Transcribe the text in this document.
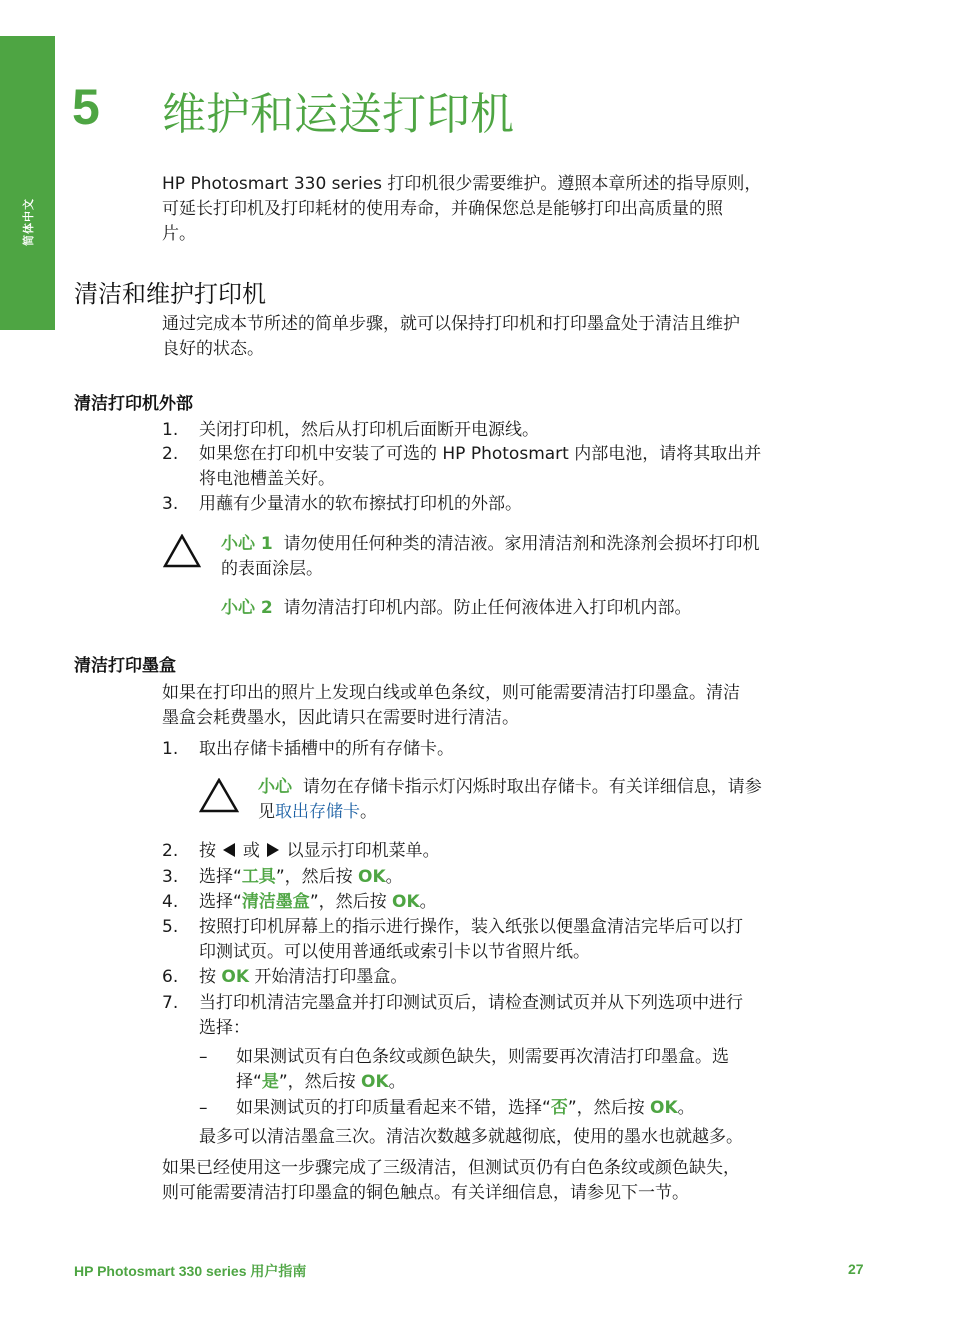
简体中文
5 维护和运送打印机
HP Photosmart 330 series 打印机很少需要维护。遵照本章所述的指导原则，
可延长打印机及打印耗材的使用寿命，并确保您总是能够打印出高质量的照
片。
清洁和维护打印机
通过完成本节所述的简单步骤，就可以保持打印机和打印墨盒处于清洁且维护
良好的状态。
清洁打印机外部
1. 关闭打印机，然后从打印机后面断开电源线。
2. 如果您在打印机中安装了可选的 HP Photosmart 内部电池，请将其取出并
将电池槽盖关好。
3. 用蘸有少量清水的软布擦拭打印机的外部。
小心 1 请勿使用任何种类的清洁液。家用清洁剂和洗涤剂会损坏打印机
的表面涂层。
小心 2 请勿清洁打印机内部。防止任何液体进入打印机内部。
清洁打印墨盒
如果在打印出的照片上发现白线或单色条纹，则可能需要清洁打印墨盒。清洁
墨盒会耗费墨水，因此请只在需要时进行清洁。
1. 取出存储卡插槽中的所有存储卡。
小心 请勿在存储卡指示灯闪烁时取出存储卡。有关详细信息，请参
见取出存储卡。
2. 按 或 以显示打印机菜单。
3. 选择“工具”，然后按 OK。
4. 选择“清洁墨盒”，然后按 OK。
5. 按照打印机屏幕上的指示进行操作，装入纸张以便墨盒清洁完毕后可以打
印测试页。可以使用普通纸或索引卡以节省照片纸。
6. 按 OK 开始清洁打印墨盒。
7. 当打印机清洁完墨盒并打印测试页后，请检查测试页并从下列选项中进行
选择：
– 如果测试页有白色条纹或颜色缺失，则需要再次清洁打印墨盒。选
择“是”，然后按 OK。
– 如果测试页的打印质量看起来不错，选择“否”，然后按 OK。
最多可以清洁墨盒三次。清洁次数越多就越彻底，使用的墨水也就越多。
如果已经使用这一步骤完成了三级清洁，但测试页仍有白色条纹或颜色缺失，
则可能需要清洁打印墨盒的铜色触点。有关详细信息，请参见下一节。
HP Photosmart 330 series 用户指南	27
